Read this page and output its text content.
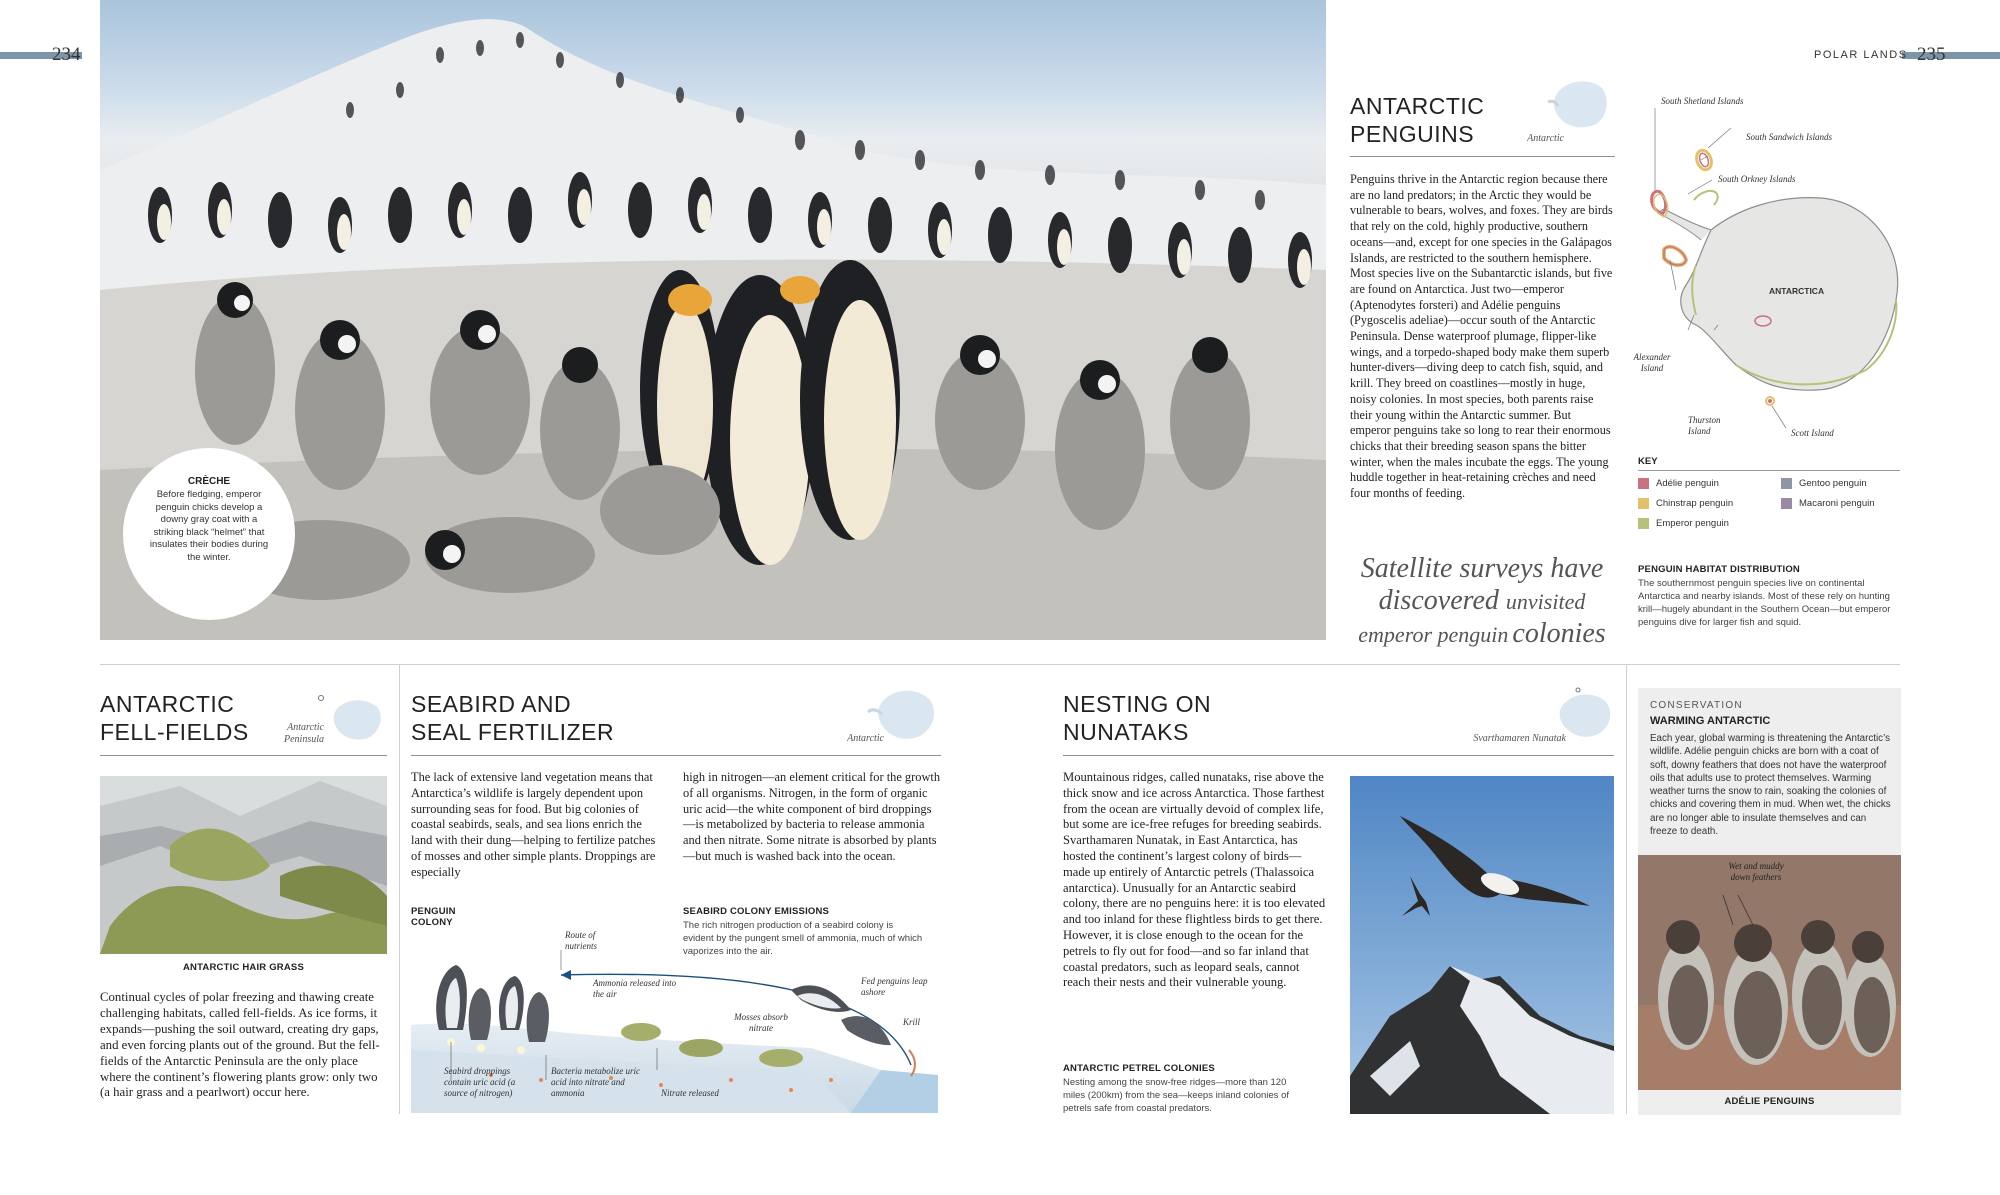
234	POLAR LANDS 235
CRÈCHE
Before fledging, emperor penguin chicks develop a downy gray coat with a striking black “helmet” that insulates their bodies during the winter.
ANTARCTIC
PENGUINS	Antarctic
Penguins thrive in the Antarctic region because there are no land predators; in the Arctic they would be vulnerable to bears, wolves, and foxes. They are birds that rely on the cold, highly productive, southern oceans—and, except for one species in the Galápagos Islands, are restricted to the southern hemisphere. Most species live on the Subantarctic islands, but five are found on Antarctica. Just two—emperor (Aptenodytes forsteri) and Adélie penguins (Pygoscelis adeliae)—occur south of the Antarctic Peninsula. Dense waterproof plumage, flipper-like wings, and a torpedo-shaped body make them superb hunter-divers—diving deep to catch fish, squid, and krill. They breed on coastlines—mostly in huge, noisy colonies. In most species, both parents raise their young within the Antarctic summer. But emperor penguins take so long to rear their enormous chicks that their breeding season spans the bitter winter, when the males incubate the eggs. The young huddle together in heat-retaining crèches and need four months of feeding.
Satellite surveys have
discovered unvisited
emperor penguin colonies
South Shetland Islands
South Sandwich Islands
South Orkney Islands
ANTARCTICA
Alexander Island
Thurston Island	Scott Island
KEY
Adélie penguin	Gentoo penguin
Chinstrap penguin	Macaroni penguin
Emperor penguin
PENGUIN HABITAT DISTRIBUTION
The southernmost penguin species live on continental Antarctica and nearby islands. Most of these rely on hunting krill—hugely abundant in the Southern Ocean—but emperor penguins dive for larger fish and squid.
ANTARCTIC
FELL-FIELDS	Antarctic
Peninsula
ANTARCTIC HAIR GRASS
Continual cycles of polar freezing and thawing create challenging habitats, called fell-fields. As ice forms, it expands—pushing the soil outward, creating dry gaps, and even forcing plants out of the ground. But the fell-fields of the Antarctic Peninsula are the only place where the continent’s flowering plants grow: only two (a hair grass and a pearlwort) occur here.
SEABIRD AND
SEAL FERTILIZER	Antarctic
The lack of extensive land vegetation means that Antarctica’s wildlife is largely dependent upon surrounding seas for food. But big colonies of coastal seabirds, seals, and sea lions enrich the land with their dung—helping to fertilize patches of mosses and other simple plants. Droppings are especially
high in nitrogen—an element critical for the growth of all organisms. Nitrogen, in the form of organic uric acid—the white component of bird droppings—is metabolized by bacteria to release ammonia and then nitrate. Some nitrate is absorbed by plants—but much is washed back into the ocean.
PENGUIN COLONY
SEABIRD COLONY EMISSIONS
The rich nitrogen production of a seabird colony is evident by the pungent smell of ammonia, much of which vaporizes into the air.
Route of nutrients
Ammonia released into the air
Fed penguins leap ashore
Mosses absorb nitrate
Krill
Seabird droppings contain uric acid (a source of nitrogen)
Bacteria metabolize uric acid into nitrate and ammonia	Nitrate released
NESTING ON
NUNATAKS	Svarthamaren Nunatak
Mountainous ridges, called nunataks, rise above the thick snow and ice across Antarctica. Those farthest from the ocean are virtually devoid of complex life, but some are ice-free refuges for breeding seabirds. Svarthamaren Nunatak, in East Antarctica, has hosted the continent’s largest colony of birds—made up entirely of Antarctic petrels (Thalassoica antarctica). Unusually for an Antarctic seabird colony, there are no penguins here: it is too elevated and too inland for these flightless birds to get there. However, it is close enough to the ocean for the petrels to fly out for food—and so far inland that coastal predators, such as leopard seals, cannot reach their nests and their vulnerable young.
ANTARCTIC PETREL COLONIES
Nesting among the snow-free ridges—more than 120 miles (200km) from the sea—keeps inland colonies of petrels safe from coastal predators.
CONSERVATION
WARMING ANTARCTIC
Each year, global warming is threatening the Antarctic’s wildlife. Adélie penguin chicks are born with a coat of soft, downy feathers that does not have the waterproof oils that adults use to protect themselves. Warming weather turns the snow to rain, soaking the colonies of chicks and covering them in mud. When wet, the chicks are no longer able to insulate themselves and can freeze to death.
Wet and muddy down feathers
ADÉLIE PENGUINS
